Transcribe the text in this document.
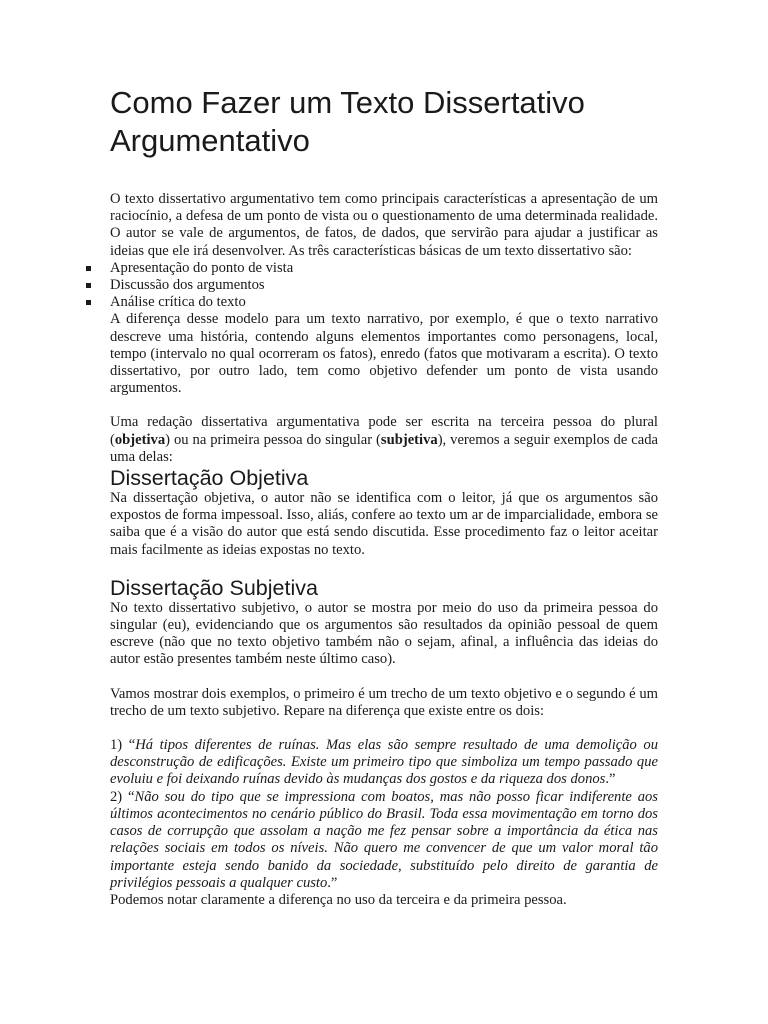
Como Fazer um Texto Dissertativo
Argumentativo

O texto dissertativo argumentativo tem como principais características a apresentação de um raciocínio, a defesa de um ponto de vista ou o questionamento de uma determinada realidade. O autor se vale de argumentos, de fatos, de dados, que servirão para ajudar a justificar as ideias que ele irá desenvolver. As três características básicas de um texto dissertativo são:

Apresentação do ponto de vista
Discussão dos argumentos
Análise crítica do texto

A diferença desse modelo para um texto narrativo, por exemplo, é que o texto narrativo descreve uma história, contendo alguns elementos importantes como personagens, local, tempo (intervalo no qual ocorreram os fatos), enredo (fatos que motivaram a escrita). O texto dissertativo, por outro lado, tem como objetivo defender um ponto de vista usando argumentos.

Uma redação dissertativa argumentativa pode ser escrita na terceira pessoa do plural (objetiva) ou na primeira pessoa do singular (subjetiva), veremos a seguir exemplos de cada uma delas:

Dissertação Objetiva

Na dissertação objetiva, o autor não se identifica com o leitor, já que os argumentos são expostos de forma impessoal. Isso, aliás, confere ao texto um ar de imparcialidade, embora se saiba que é a visão do autor que está sendo discutida. Esse procedimento faz o leitor aceitar mais facilmente as ideias expostas no texto.

Dissertação Subjetiva

No texto dissertativo subjetivo, o autor se mostra por meio do uso da primeira pessoa do singular (eu), evidenciando que os argumentos são resultados da opinião pessoal de quem escreve (não que no texto objetivo também não o sejam, afinal, a influência das ideias do autor estão presentes também neste último caso).

Vamos mostrar dois exemplos, o primeiro é um trecho de um texto objetivo e o segundo é um trecho de um texto subjetivo. Repare na diferença que existe entre os dois:

1) “Há tipos diferentes de ruínas. Mas elas são sempre resultado de uma demolição ou desconstrução de edificações. Existe um primeiro tipo que simboliza um tempo passado que evoluiu e foi deixando ruínas devido às mudanças dos gostos e da riqueza dos donos.”

2) “Não sou do tipo que se impressiona com boatos, mas não posso ficar indiferente aos últimos acontecimentos no cenário público do Brasil. Toda essa movimentação em torno dos casos de corrupção que assolam a nação me fez pensar sobre a importância da ética nas relações sociais em todos os níveis. Não quero me convencer de que um valor moral tão importante esteja sendo banido da sociedade, substituído pelo direito de garantia de privilégios pessoais a qualquer custo.”

Podemos notar claramente a diferença no uso da terceira e da primeira pessoa.
